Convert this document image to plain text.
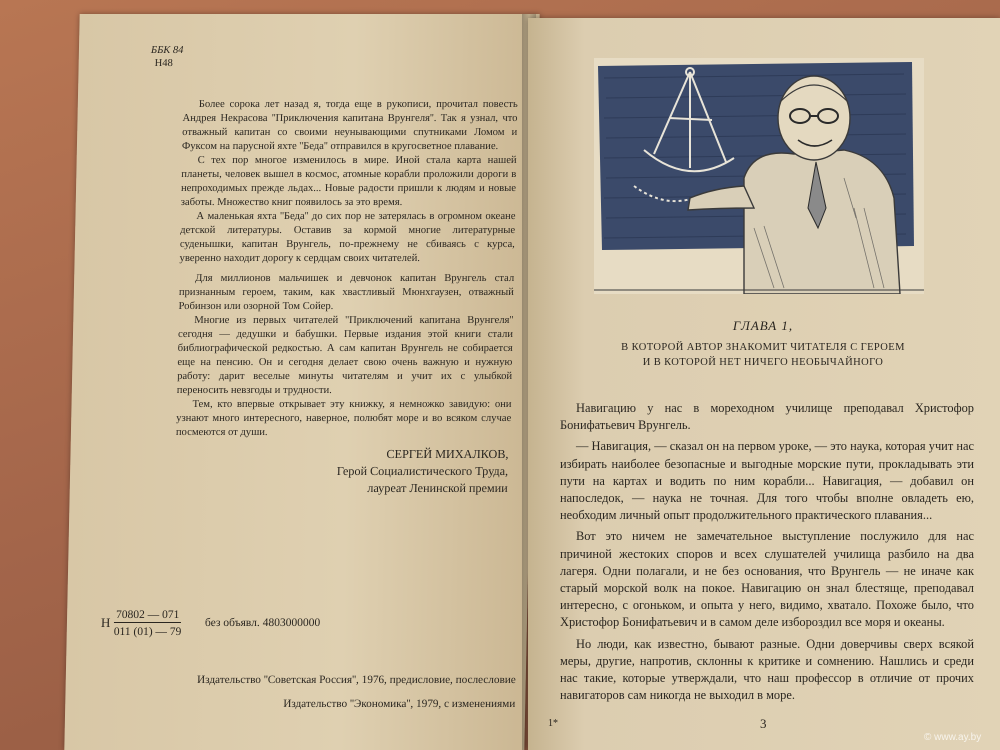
ББК 84
Н48

Более сорока лет назад я, тогда еще в рукописи, прочитал повесть Андрея Некрасова ''Приключения капитана Врунгеля''. Так я узнал, что отважный капитан со своими неунывающими спутниками Ломом и Фуксом на парусной яхте ''Беда'' отправился в кругосветное плавание.

С тех пор многое изменилось в мире. Иной стала карта нашей планеты, человек вышел в космос, атомные корабли проложили дороги в непроходимых прежде льдах... Новые радости пришли к людям и новые заботы. Множество книг появилось за это время.

А маленькая яхта ''Беда'' до сих пор не затерялась в огромном океане детской литературы. Оставив за кормой многие литературные суденышки, капитан Врунгель, по-прежнему не сбиваясь с курса, уверенно находит дорогу к сердцам своих читателей.

Для миллионов мальчишек и девчонок капитан Врунгель стал признанным героем, таким, как хвастливый Мюнхгаузен, отважный Робинзон или озорной Том Сойер.

Многие из первых читателей ''Приключений капитана Врунгеля'' сегодня — дедушки и бабушки. Первые издания этой книги стали библиографической редкостью. А сам капитан Врунгель не собирается еще на пенсию. Он и сегодня делает свою очень важную и нужную работу: дарит веселые минуты читателям и учит их с улыбкой переносить невзгоды и трудности.

Тем, кто впервые открывает эту книжку, я немножко завидую: они узнают много интересного, наверное, полюбят море и во всяком случае посмеются от души.

СЕРГЕЙ МИХАЛКОВ,
Герой Социалистического Труда,
лауреат Ленинской премии
Н 70802 — 071
011 (01) — 79
без объявл. 4803000000
Издательство ''Советская Россия'', 1976, предисловие, послесловие
Издательство ''Экономика'', 1979, с изменениями
ГЛАВА 1,
В КОТОРОЙ АВТОР ЗНАКОМИТ ЧИТАТЕЛЯ С ГЕРОЕМ
И В КОТОРОЙ НЕТ НИЧЕГО НЕОБЫЧАЙНОГО

Навигацию у нас в мореходном училище преподавал Христофор Бонифатьевич Врунгель.

— Навигация, — сказал он на первом уроке, — это наука, которая учит нас избирать наиболее безопасные и выгодные морские пути, прокладывать эти пути на картах и водить по ним корабли... Навигация, — добавил он напоследок, — наука не точная. Для того чтобы вполне овладеть ею, необходим личный опыт продолжительного практического плавания...

Вот это ничем не замечательное выступление послужило для нас причиной жестоких споров и всех слушателей училища разбило на два лагеря. Одни полагали, и не без основания, что Врунгель — не иначе как старый морской волк на покое. Навигацию он знал блестяще, преподавал интересно, с огоньком, и опыта у него, видимо, хватало. Похоже было, что Христофор Бонифатьевич и в самом деле избороздил все моря и океаны.

Но люди, как известно, бывают разные. Одни доверчивы сверх всякой меры, другие, напротив, склонны к критике и сомнению. Нашлись и среди нас такие, которые утверждали, что наш профессор в отличие от прочих навигаторов сам никогда не выходил в море.

1*	3
© www.ay.by
